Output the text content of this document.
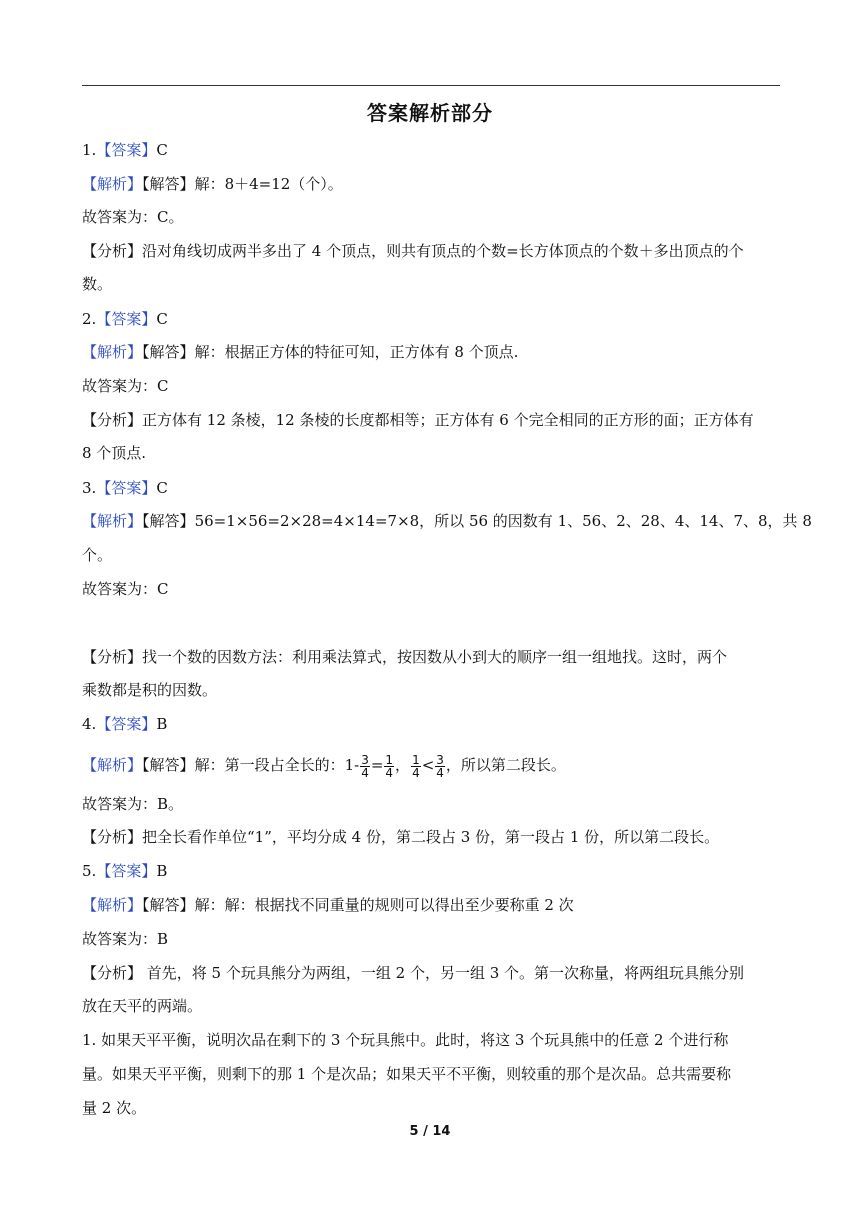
答案解析部分
1.【答案】C
【解析】【解答】解：8＋4=12（个）。
故答案为：C。
【分析】沿对角线切成两半多出了 4 个顶点，则共有顶点的个数=长方体顶点的个数＋多出顶点的个
数。
2.【答案】C
【解析】【解答】解：根据正方体的特征可知，正方体有 8 个顶点.
故答案为：C
【分析】正方体有 12 条棱，12 条棱的长度都相等；正方体有 6 个完全相同的正方形的面；正方体有
8 个顶点.
3.【答案】C
【解析】【解答】56=1×56=2×28=4×14=7×8，所以 56 的因数有 1、56、2、28、4、14、7、8，共 8
个。
故答案为：C
【分析】找一个数的因数方法：利用乘法算式，按因数从小到大的顺序一组一组地找。这时，两个
乘数都是积的因数。
4.【答案】B
【解析】【解答】解：第一段占全长的：$1- \frac{3}{4} = \frac{1}{4}$ ， $\frac{1}{4} < \frac{3}{4}$ ，所以第二段长。
故答案为：B。
【分析】把全长看作单位“1”，平均分成 4 份，第二段占 3 份，第一段占 1 份，所以第二段长。
5.【答案】B
【解析】【解答】解：解：根据找不同重量的规则可以得出至少要称重 2 次
故答案为：B
【分析】 首先，将 5 个玩具熊分为两组，一组 2 个，另一组 3 个。第一次称量，将两组玩具熊分别
放在天平的两端。
1. 如果天平平衡，说明次品在剩下的 3 个玩具熊中。此时，将这 3 个玩具熊中的任意 2 个进行称
量。如果天平平衡，则剩下的那 1 个是次品；如果天平不平衡，则较重的那个是次品。总共需要称
量 2 次。
5 / 14
